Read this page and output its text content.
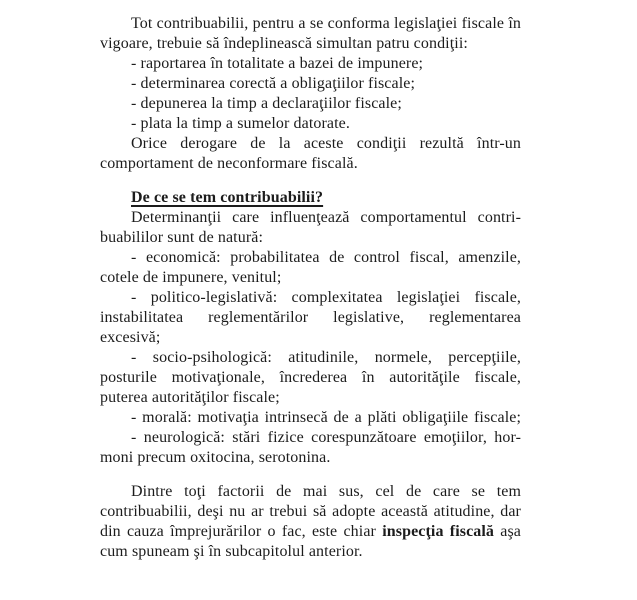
Tot contribuabilii, pentru a se conforma legislaţiei fiscale în
vigoare, trebuie să îndeplinească simultan patru condiţii:
- raportarea în totalitate a bazei de impunere;
- determinarea corectă a obligaţiilor fiscale;
- depunerea la timp a declaraţiilor fiscale;
- plata la timp a sumelor datorate.
Orice derogare de la aceste condiţii rezultă într-un
comportament de neconformare fiscală.
De ce se tem contribuabilii?
Determinanţii care influenţează comportamentul contri-
buabililor sunt de natură:
- economică: probabilitatea de control fiscal, amenzile,
cotele de impunere, venitul;
- politico-legislativă: complexitatea legislaţiei fiscale,
instabilitatea reglementărilor legislative, reglementarea
excesivă;
- socio-psihologică: atitudinile, normele, percepţiile,
posturile motivaţionale, încrederea în autorităţile fiscale,
puterea autorităţilor fiscale;
- morală: motivaţia intrinsecă de a plăti obligaţiile fiscale;
- neurologică: stări fizice corespunzătoare emoţiilor, hor-
moni precum oxitocina, serotonina.
Dintre toţi factorii de mai sus, cel de care se tem
contribuabilii, deşi nu ar trebui să adopte această atitudine, dar
din cauza împrejurărilor o fac, este chiar inspecţia fiscală aşa
cum spuneam şi în subcapitolul anterior.
